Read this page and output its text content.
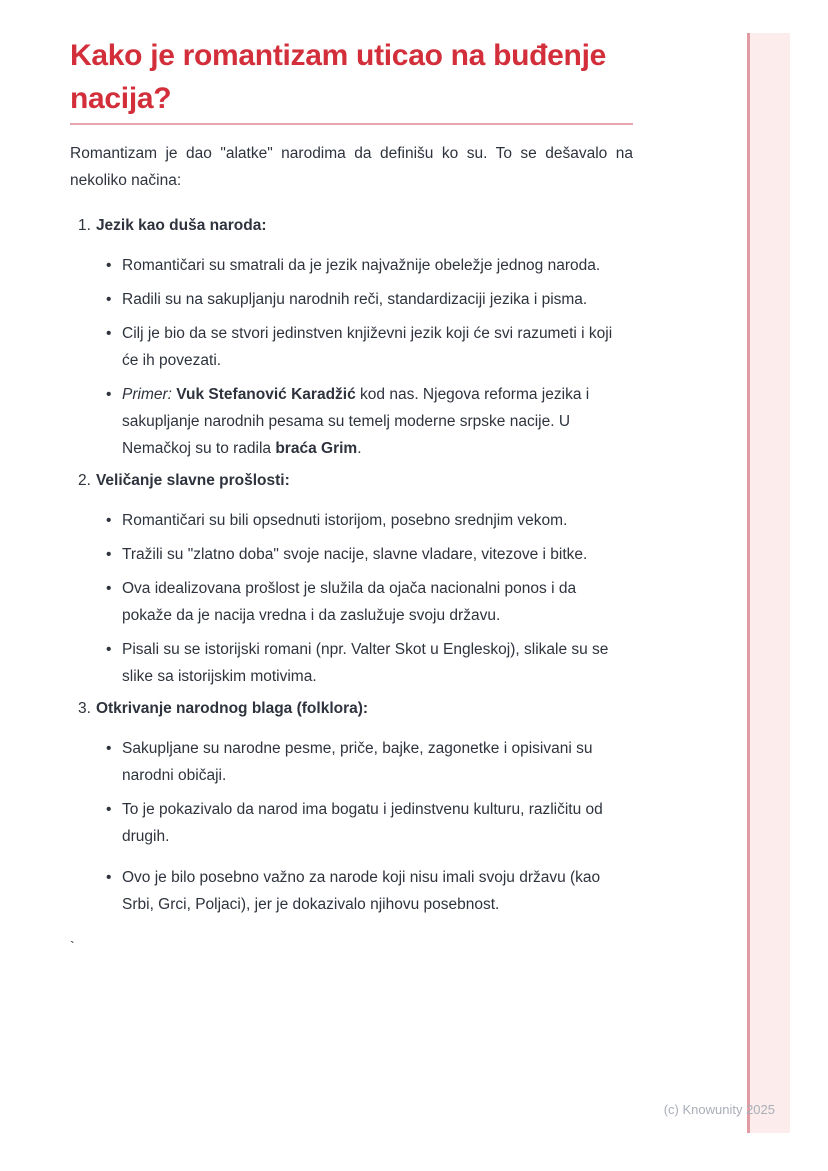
Kako je romantizam uticao na buđenje nacija?

Romantizam je dao "alatke" narodima da definišu ko su. To se dešavalo na nekoliko načina:

1. Jezik kao duša naroda:
• Romantičari su smatrali da je jezik najvažnije obeležje jednog naroda.
• Radili su na sakupljanju narodnih reči, standardizaciji jezika i pisma.
• Cilj je bio da se stvori jedinstven književni jezik koji će svi razumeti i koji će ih povezati.
• Primer: Vuk Stefanović Karadžić kod nas. Njegova reforma jezika i sakupljanje narodnih pesama su temelj moderne srpske nacije. U Nemačkoj su to radila braća Grim.
2. Veličanje slavne prošlosti:
• Romantičari su bili opsednuti istorijom, posebno srednjim vekom.
• Tražili su "zlatno doba" svoje nacije, slavne vladare, vitezove i bitke.
• Ova idealizovana prošlost je služila da ojača nacionalni ponos i da pokaže da je nacija vredna i da zaslužuje svoju državu.
• Pisali su se istorijski romani (npr. Valter Skot u Engleskoj), slikale su se slike sa istorijskim motivima.
3. Otkrivanje narodnog blaga (folklora):
• Sakupljane su narodne pesme, priče, bajke, zagonetke i opisivani su narodni običaji.
• To je pokazivalo da narod ima bogatu i jedinstvenu kulturu, različitu od drugih.
• Ovo je bilo posebno važno za narode koji nisu imali svoju državu (kao Srbi, Grci, Poljaci), jer je dokazivalo njihovu posebnost.
`
(c) Knowunity 2025
